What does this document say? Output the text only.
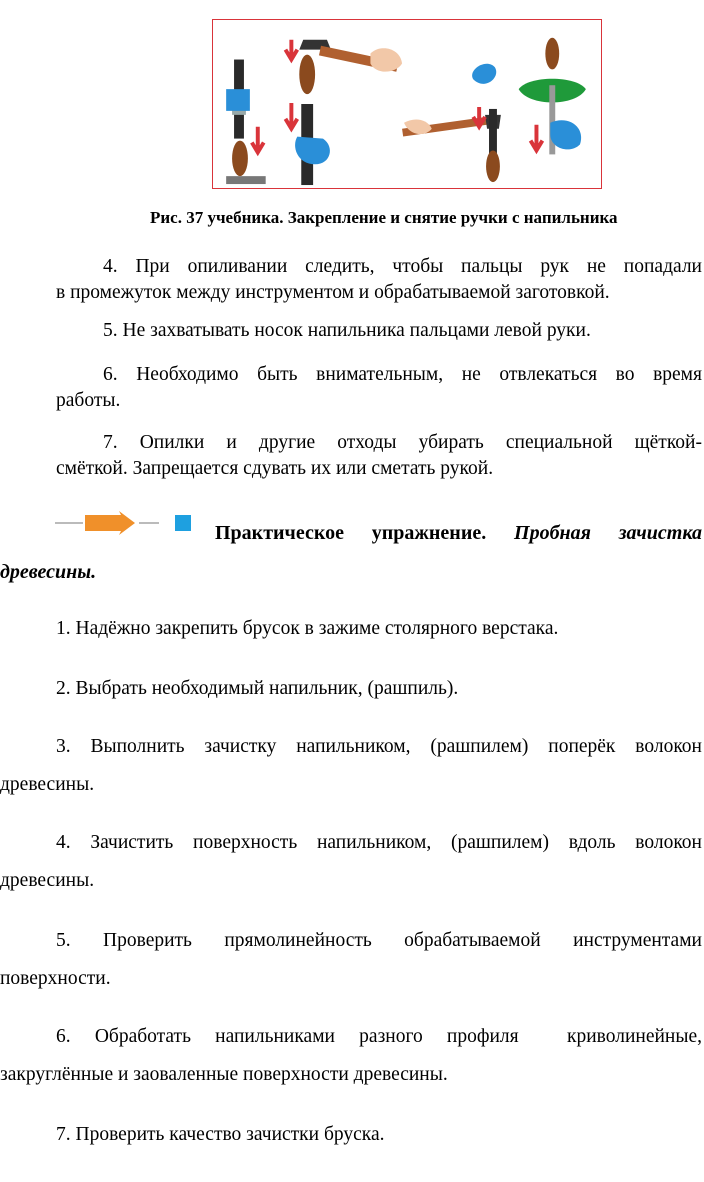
Рис. 37 учебника. Закрепление и снятие ручки с напильника
4. При опиливании следить, чтобы пальцы рук не попадали
в промежуток между инструментом и обрабатываемой заготовкой.
5. Не захватывать носок напильника пальцами левой руки.
6. Необходимо быть внимательным, не отвлекаться во время
работы.
7. Опилки и другие отходы убирать специальной щёткой-
смёткой. Запрещается сдувать их или сметать рукой.
Практическое упражнение. Пробная зачистка
древесины.
1. Надёжно закрепить брусок в зажиме столярного верстака.
2. Выбрать необходимый напильник, (рашпиль).
3. Выполнить зачистку напильником, (рашпилем) поперёк волокон
древесины.
4. Зачистить поверхность напильником, (рашпилем) вдоль волокон
древесины.
5. Проверить прямолинейность обрабатываемой инструментами
поверхности.
6. Обработать напильниками разного профиля  криволинейные,
закруглённые и заоваленные поверхности древесины.
7. Проверить качество зачистки бруска.
